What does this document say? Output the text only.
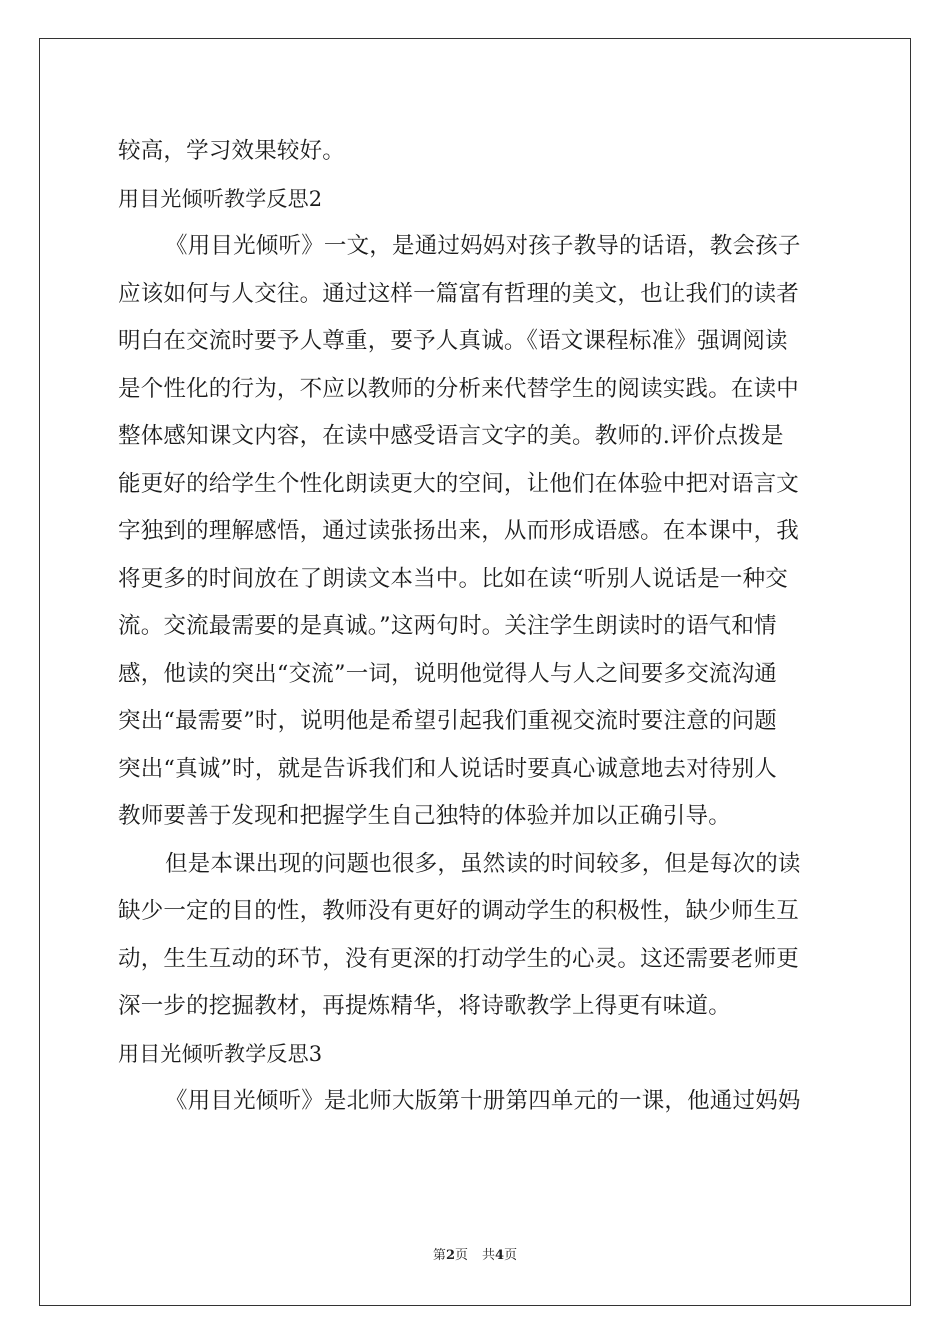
较高，学习效果较好。
用目光倾听教学反思2
《用目光倾听》一文，是通过妈妈对孩子教导的话语，教会孩子
应该如何与人交往。通过这样一篇富有哲理的美文，也让我们的读者
明白在交流时要予人尊重，要予人真诚。《语文课程标准》强调阅读
是个性化的行为，不应以教师的分析来代替学生的阅读实践。在读中
整体感知课文内容，在读中感受语言文字的美。教师的.评价点拨是
能更好的给学生个性化朗读更大的空间，让他们在体验中把对语言文
字独到的理解感悟，通过读张扬出来，从而形成语感。在本课中，我
将更多的时间放在了朗读文本当中。比如在读“听别人说话是一种交
流。交流最需要的是真诚。”这两句时。关注学生朗读时的语气和情
感，他读的突出“交流”一词，说明他觉得人与人之间要多交流沟通
突出“最需要”时，说明他是希望引起我们重视交流时要注意的问题
突出“真诚”时，就是告诉我们和人说话时要真心诚意地去对待别人
教师要善于发现和把握学生自己独特的体验并加以正确引导。
但是本课出现的问题也很多，虽然读的时间较多，但是每次的读
缺少一定的目的性，教师没有更好的调动学生的积极性，缺少师生互
动，生生互动的环节，没有更深的打动学生的心灵。这还需要老师更
深一步的挖掘教材，再提炼精华，将诗歌教学上得更有味道。
用目光倾听教学反思3
《用目光倾听》是北师大版第十册第四单元的一课，他通过妈妈
第2页 共4页
